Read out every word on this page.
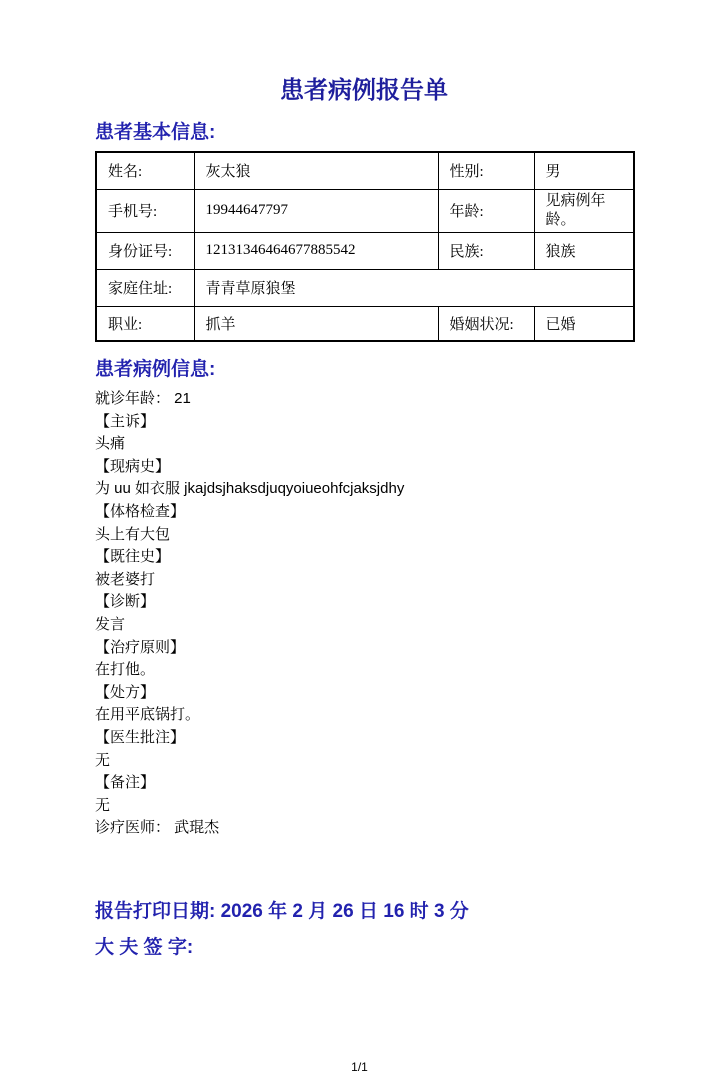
患者病例报告单
患者基本信息:
姓名:	灰太狼	性别:	男
手机号:	19944647797	年龄:	见病例年龄。
身份证号:	12131346464677885542	民族:	狼族
家庭住址:	青青草原狼堡		
职业:	抓羊	婚姻状况:	已婚
患者病例信息:
就诊年龄： 21
【主诉】
头痛
【现病史】
为 uu 如衣服 jkajdsjhaksdjuqyoiueohfcjaksjdhy
【体格检查】
头上有大包
【既往史】
被老婆打
【诊断】
发言
【治疗原则】
在打他。
【处方】
在用平底锅打。
【医生批注】
无
【备注】
无
诊疗医师： 武琨杰
报告打印日期: 2026 年 2 月 26 日 16 时 3 分
大 夫 签 字:
1/1
